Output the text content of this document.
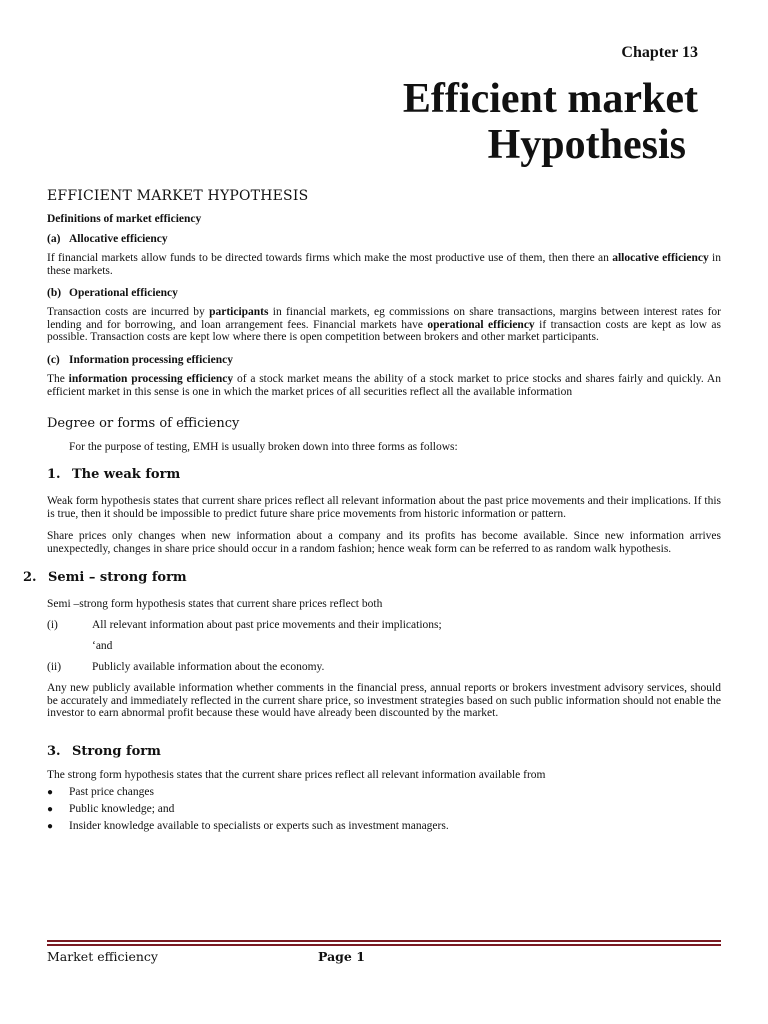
Chapter 13
Efficient market
Hypothesis
EFFICIENT MARKET HYPOTHESIS
Definitions of market efficiency
(a) Allocative efficiency

If financial markets allow funds to be directed towards firms which make the most productive use of them, then there an allocative efficiency in these markets.

(b) Operational efficiency

Transaction costs are incurred by participants in financial markets, eg commissions on share transactions, margins between interest rates for lending and for borrowing, and loan arrangement fees. Financial markets have operational efficiency if transaction costs are kept as low as possible. Transaction costs are kept low where there is open competition between brokers and other market participants.

(c) Information processing efficiency

The information processing efficiency of a stock market means the ability of a stock market to price stocks and shares fairly and quickly. An efficient market in this sense is one in which the market prices of all securities reflect all the available information

Degree or forms of efficiency
For the purpose of testing, EMH is usually broken down into three forms as follows:
1. The weak form

Weak form hypothesis states that current share prices reflect all relevant information about the past price movements and their implications. If this is true, then it should be impossible to predict future share price movements from historic information or pattern.

Share prices only changes when new information about a company and its profits has become available. Since new information arrives unexpectedly, changes in share price should occur in a random fashion; hence weak form can be referred to as random walk hypothesis.

2. Semi – strong form

Semi –strong form hypothesis states that current share prices reflect both

(i)	All relevant information about past price movements and their implications;
‘and
(ii)	Publicly available information about the economy.

Any new publicly available information whether comments in the financial press, annual reports or brokers investment advisory services, should be accurately and immediately reflected in the current share price, so investment strategies based on such public information should not enable the investor to earn abnormal profit because these would have already been discounted by the market.

3. Strong form

The strong form hypothesis states that the current share prices reflect all relevant information available from

●	Past price changes
●	Public knowledge; and
●	Insider knowledge available to specialists or experts such as investment managers.
Market efficiency	Page 1
